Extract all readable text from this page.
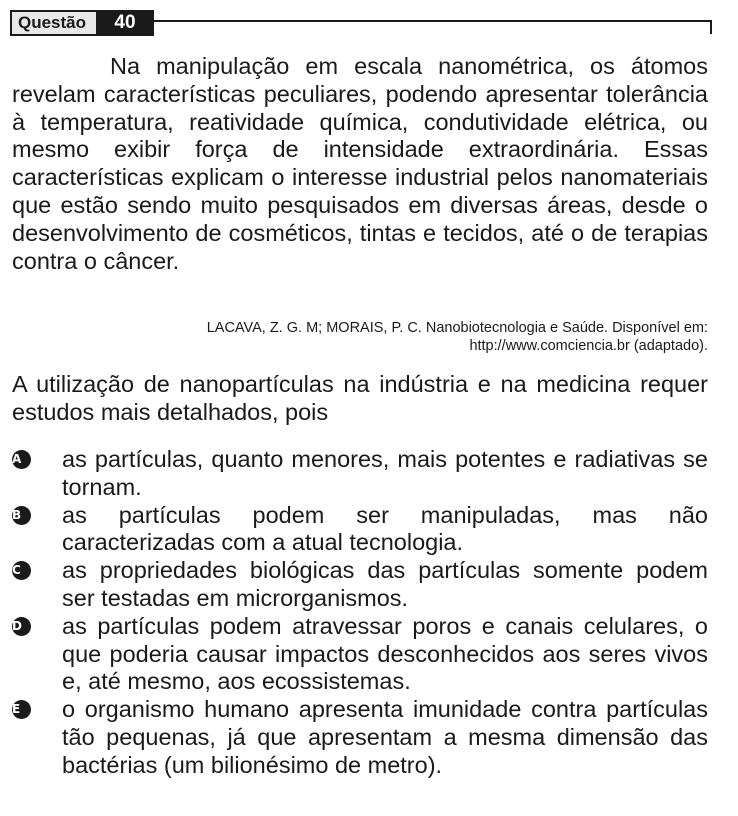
Questão	40
Na manipulação em escala nanométrica, os átomos revelam características peculiares, podendo apresentar tolerância à temperatura, reatividade química, condutividade elétrica, ou mesmo exibir força de intensidade extraordinária. Essas características explicam o interesse industrial pelos nanomateriais que estão sendo muito pesquisados em diversas áreas, desde o desenvolvimento de cosméticos, tintas e tecidos, até o de terapias contra o câncer.
LACAVA, Z. G. M; MORAIS, P. C. Nanobiotecnologia e Saúde. Disponível em:
http://www.comciencia.br (adaptado).
A utilização de nanopartículas na indústria e na medicina requer estudos mais detalhados, pois
A	as partículas, quanto menores, mais potentes e radiativas se tornam.
B	as partículas podem ser manipuladas, mas não caracterizadas com a atual tecnologia.
C	as propriedades biológicas das partículas somente podem ser testadas em microrganismos.
D	as partículas podem atravessar poros e canais celulares, o que poderia causar impactos desconhecidos aos seres vivos e, até mesmo, aos ecossistemas.
E	o organismo humano apresenta imunidade contra partículas tão pequenas, já que apresentam a mesma dimensão das bactérias (um bilionésimo de metro).
